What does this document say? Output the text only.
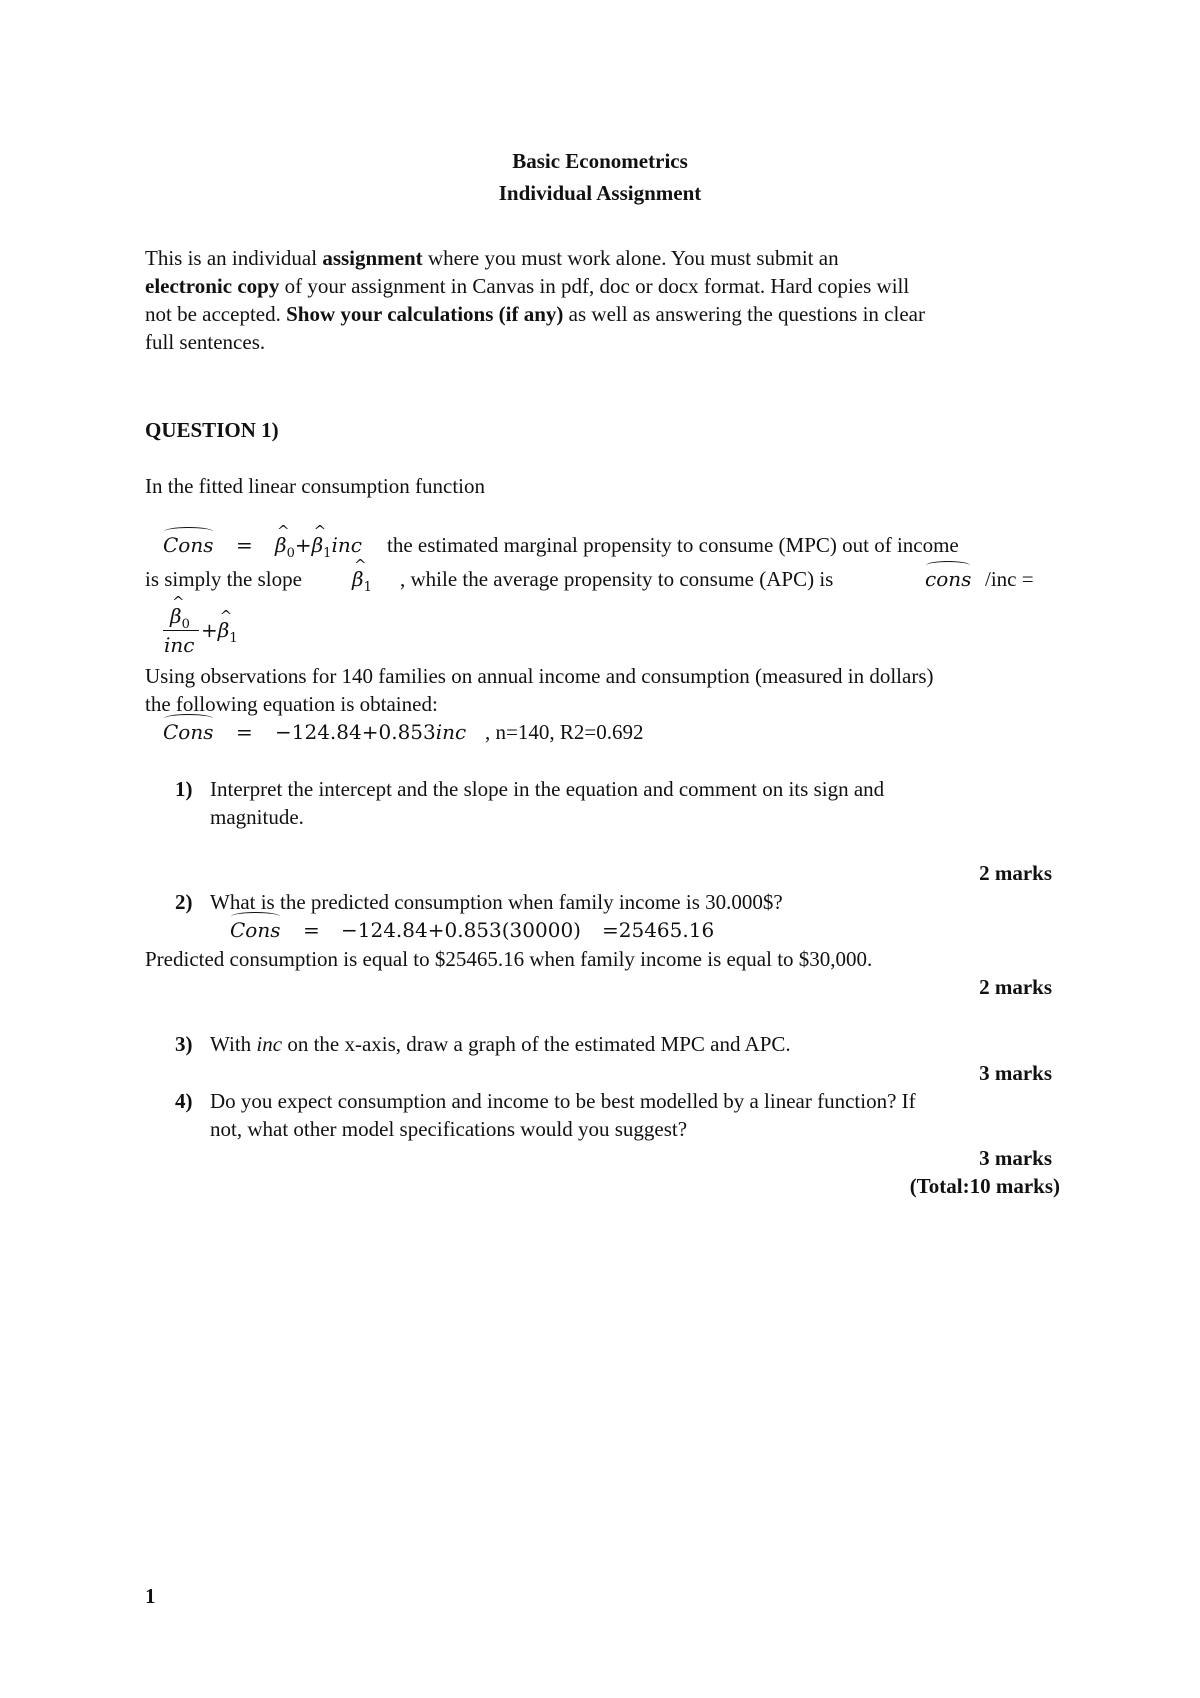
Basic Econometrics
Individual Assignment
This is an individual assignment where you must work alone. You must submit an
electronic copy of your assignment in Canvas in pdf, doc or docx format. Hard copies will
not be accepted. Show your calculations (if any) as well as answering the questions in clear
full sentences.
QUESTION 1)
In the fitted linear consumption function
Cons = ^ $\beta_0+\^{}$ $\beta_1inc$ the estimated marginal propensity to consume (MPC) out of income
is simply the slope	^ $\beta_1$ , while the average propensity to consume (APC) is	cons /inc =
^ $\beta_0$
inc
+^ $\beta_1$
Using observations for 140 families on annual income and consumption (measured in dollars)
the following equation is obtained:
Cons = −124.84+0.853inc , n=140, R2=0.692
1) Interpret the intercept and the slope in the equation and comment on its sign and
magnitude.
2 marks
2) What is the predicted consumption when family income is 30.000$?
Cons = −124.84+0.853(30000) =25465.16
Predicted consumption is equal to $25465.16 when family income is equal to $30,000.
2 marks
3) With inc on the x-axis, draw a graph of the estimated MPC and APC.
3 marks
4) Do you expect consumption and income to be best modelled by a linear function? If
not, what other model specifications would you suggest?
3 marks
(Total:10 marks)
1
